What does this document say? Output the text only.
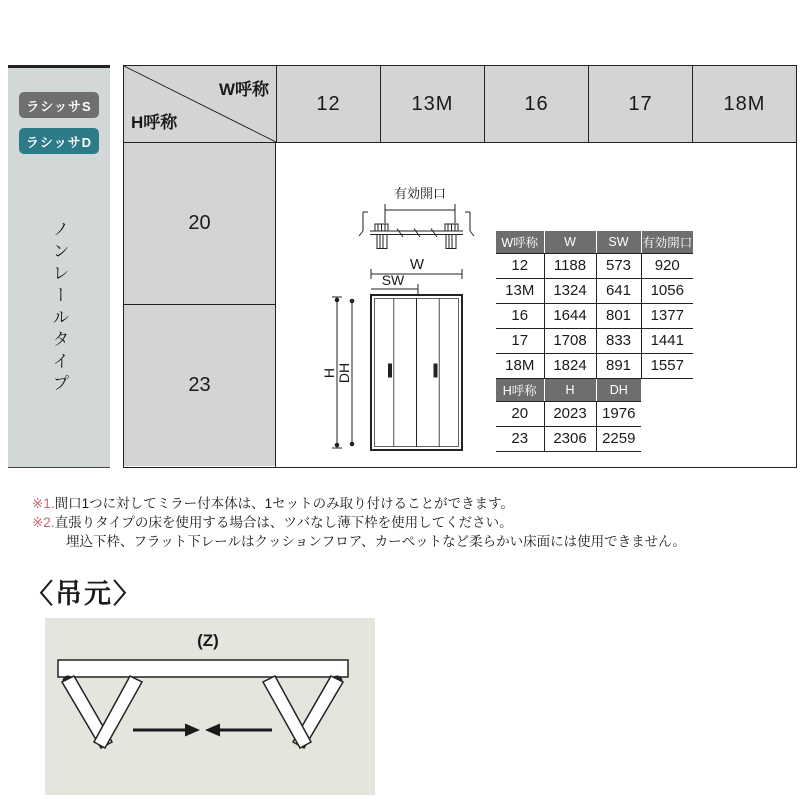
ラシッサS
ラシッサD
ノンレールタイプ
W呼称
H呼称
12	13M	16	17	18M
20
23
有効開口
W
SW
H DH
W呼称	W	SW	有効開口
12	1188	573	920
13M	1324	641	1056
16	1644	801	1377
17	1708	833	1441
18M	1824	891	1557
H呼称	H	DH
20	2023	1976
23	2306	2259
※1.間口1つに対してミラー付本体は、1セットのみ取り付けることができます。
※2.直張りタイプの床を使用する場合は、ツバなし薄下枠を使用してください。
埋込下枠、フラット下レールはクッションフロア、カーペットなど柔らかい床面には使用できません。
〈吊元〉
(Z)
